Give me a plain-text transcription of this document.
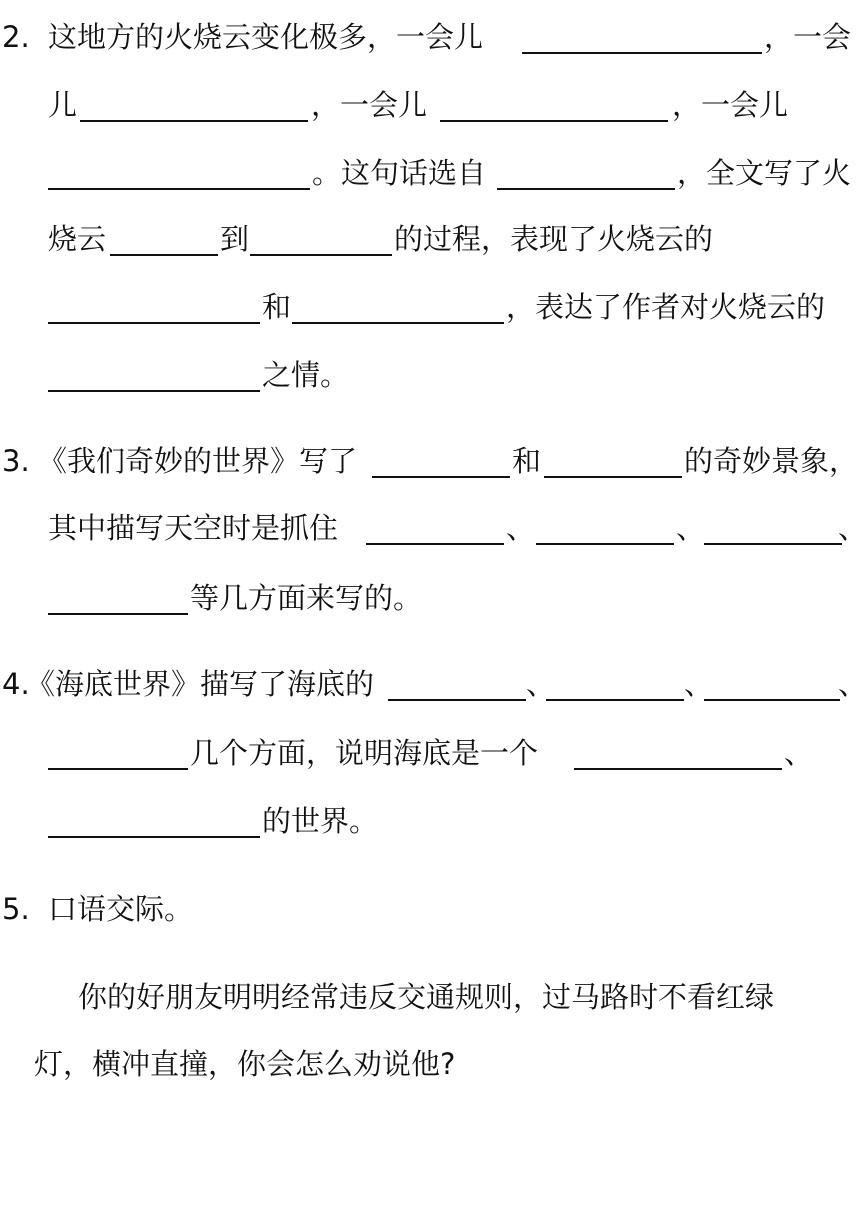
2. 这地方的火烧云变化极多，一会儿	，一会
儿	，一会儿	，一会儿
。这句话选自	，全文写了火
烧云	到	的过程，表现了火烧云的
和	，表达了作者对火烧云的
之情。
3. 《我们奇妙的世界》写了	和	的奇妙景象，
其中描写天空时是抓住	、	、	、
等几方面来写的。
4.
《海底世界》描写了海底的	、	、	、
几个方面，说明海底是一个	、
的世界。
5. 口语交际。
你的好朋友明明经常违反交通规则，过马路时不看红绿
灯，横冲直撞，你会怎么劝说他?
